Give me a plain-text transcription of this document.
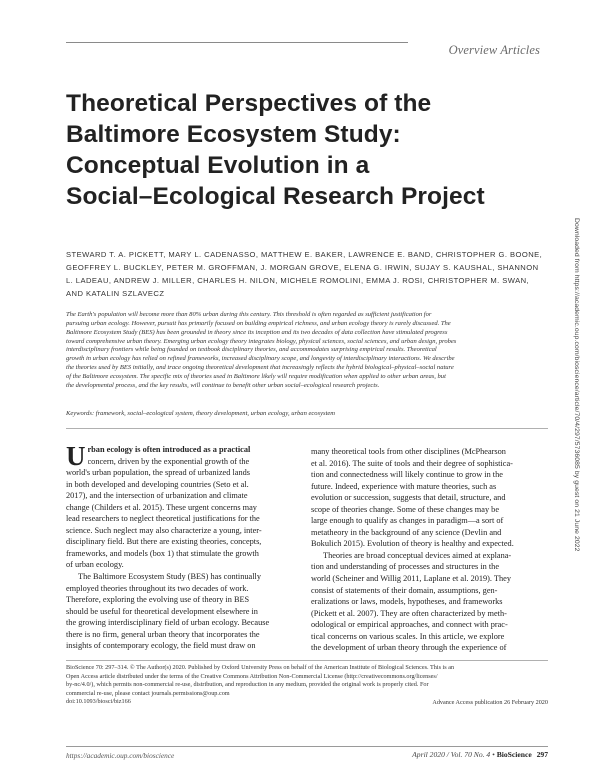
Overview Articles
Theoretical Perspectives of the
Baltimore Ecosystem Study:
Conceptual Evolution in a
Social–Ecological Research Project
STEWARD T. A. PICKETT, MARY L. CADENASSO, MATTHEW E. BAKER, LAWRENCE E. BAND, CHRISTOPHER G. BOONE, GEOFFREY L. BUCKLEY, PETER M. GROFFMAN, J. MORGAN GROVE, ELENA G. IRWIN, SUJAY S. KAUSHAL, SHANNON L. LADEAU, ANDREW J. MILLER, CHARLES H. NILON, MICHELE ROMOLINI, EMMA J. ROSI, CHRISTOPHER M. SWAN, AND KATALIN SZLAVECZ
The Earth's population will become more than 80% urban during this century. This threshold is often regarded as sufficient justification for
pursuing urban ecology. However, pursuit has primarily focused on building empirical richness, and urban ecology theory is rarely discussed. The
Baltimore Ecosystem Study (BES) has been grounded in theory since its inception and its two decades of data collection have stimulated progress
toward comprehensive urban theory. Emerging urban ecology theory integrates biology, physical sciences, social sciences, and urban design, probes
interdisciplinary frontiers while being founded on textbook disciplinary theories, and accommodates surprising empirical results. Theoretical
growth in urban ecology has relied on refined frameworks, increased disciplinary scope, and longevity of interdisciplinary interactions. We describe
the theories used by BES initially, and trace ongoing theoretical development that increasingly reflects the hybrid biological–physical–social nature
of the Baltimore ecosystem. The specific mix of theories used in Baltimore likely will require modification when applied to other urban areas, but
the developmental process, and the key results, will continue to benefit other urban social–ecological research projects.
Keywords: framework, social–ecological system, theory development, urban ecology, urban ecosystem
U rban ecology is often introduced as a practical
concern, driven by the exponential growth of the
world's urban population, the spread of urbanized lands
in both developed and developing countries (Seto et al.
2017), and the intersection of urbanization and climate
change (Childers et al. 2015). These urgent concerns may
lead researchers to neglect theoretical justifications for the
science. Such neglect may also characterize a young, inter-
disciplinary field. But there are existing theories, concepts,
frameworks, and models (box 1) that stimulate the growth
of urban ecology.
The Baltimore Ecosystem Study (BES) has continually
employed theories throughout its two decades of work.
Therefore, exploring the evolving use of theory in BES
should be useful for theoretical development elsewhere in
the growing interdisciplinary field of urban ecology. Because
there is no firm, general urban theory that incorporates the
insights of contemporary ecology, the field must draw on
many theoretical tools from other disciplines (McPhearson
et al. 2016). The suite of tools and their degree of sophistica-
tion and connectedness will likely continue to grow in the
future. Indeed, experience with mature theories, such as
evolution or succession, suggests that detail, structure, and
scope of theories change. Some of these changes may be
large enough to qualify as changes in paradigm—a sort of
metatheory in the background of any science (Devlin and
Bokulich 2015). Evolution of theory is healthy and expected.
Theories are broad conceptual devices aimed at explana-
tion and understanding of processes and structures in the
world (Scheiner and Willig 2011, Laplane et al. 2019). They
consist of statements of their domain, assumptions, gen-
eralizations or laws, models, hypotheses, and frameworks
(Pickett et al. 2007). They are often characterized by meth-
odological or empirical approaches, and connect with prac-
tical concerns on various scales. In this article, we explore
the development of urban theory through the experience of
BioScience 70: 297–314. © The Author(s) 2020. Published by Oxford University Press on behalf of the American Institute of Biological Sciences. This is an
Open Access article distributed under the terms of the Creative Commons Attribution Non-Commercial License (http://creativecommons.org/licenses/
by-nc/4.0/), which permits non-commercial re-use, distribution, and reproduction in any medium, provided the original work is properly cited. For
commercial re-use, please contact journals.permissions@oup.com
doi:10.1093/biosci/biz166	Advance Access publication 26 February 2020
https://academic.oup.com/bioscience	April 2020 / Vol. 70 No. 4 • BioScience 297
Downloaded from https://academic.oup.com/bioscience/article/70/4/297/5736085 by guest on 21 June 2022
